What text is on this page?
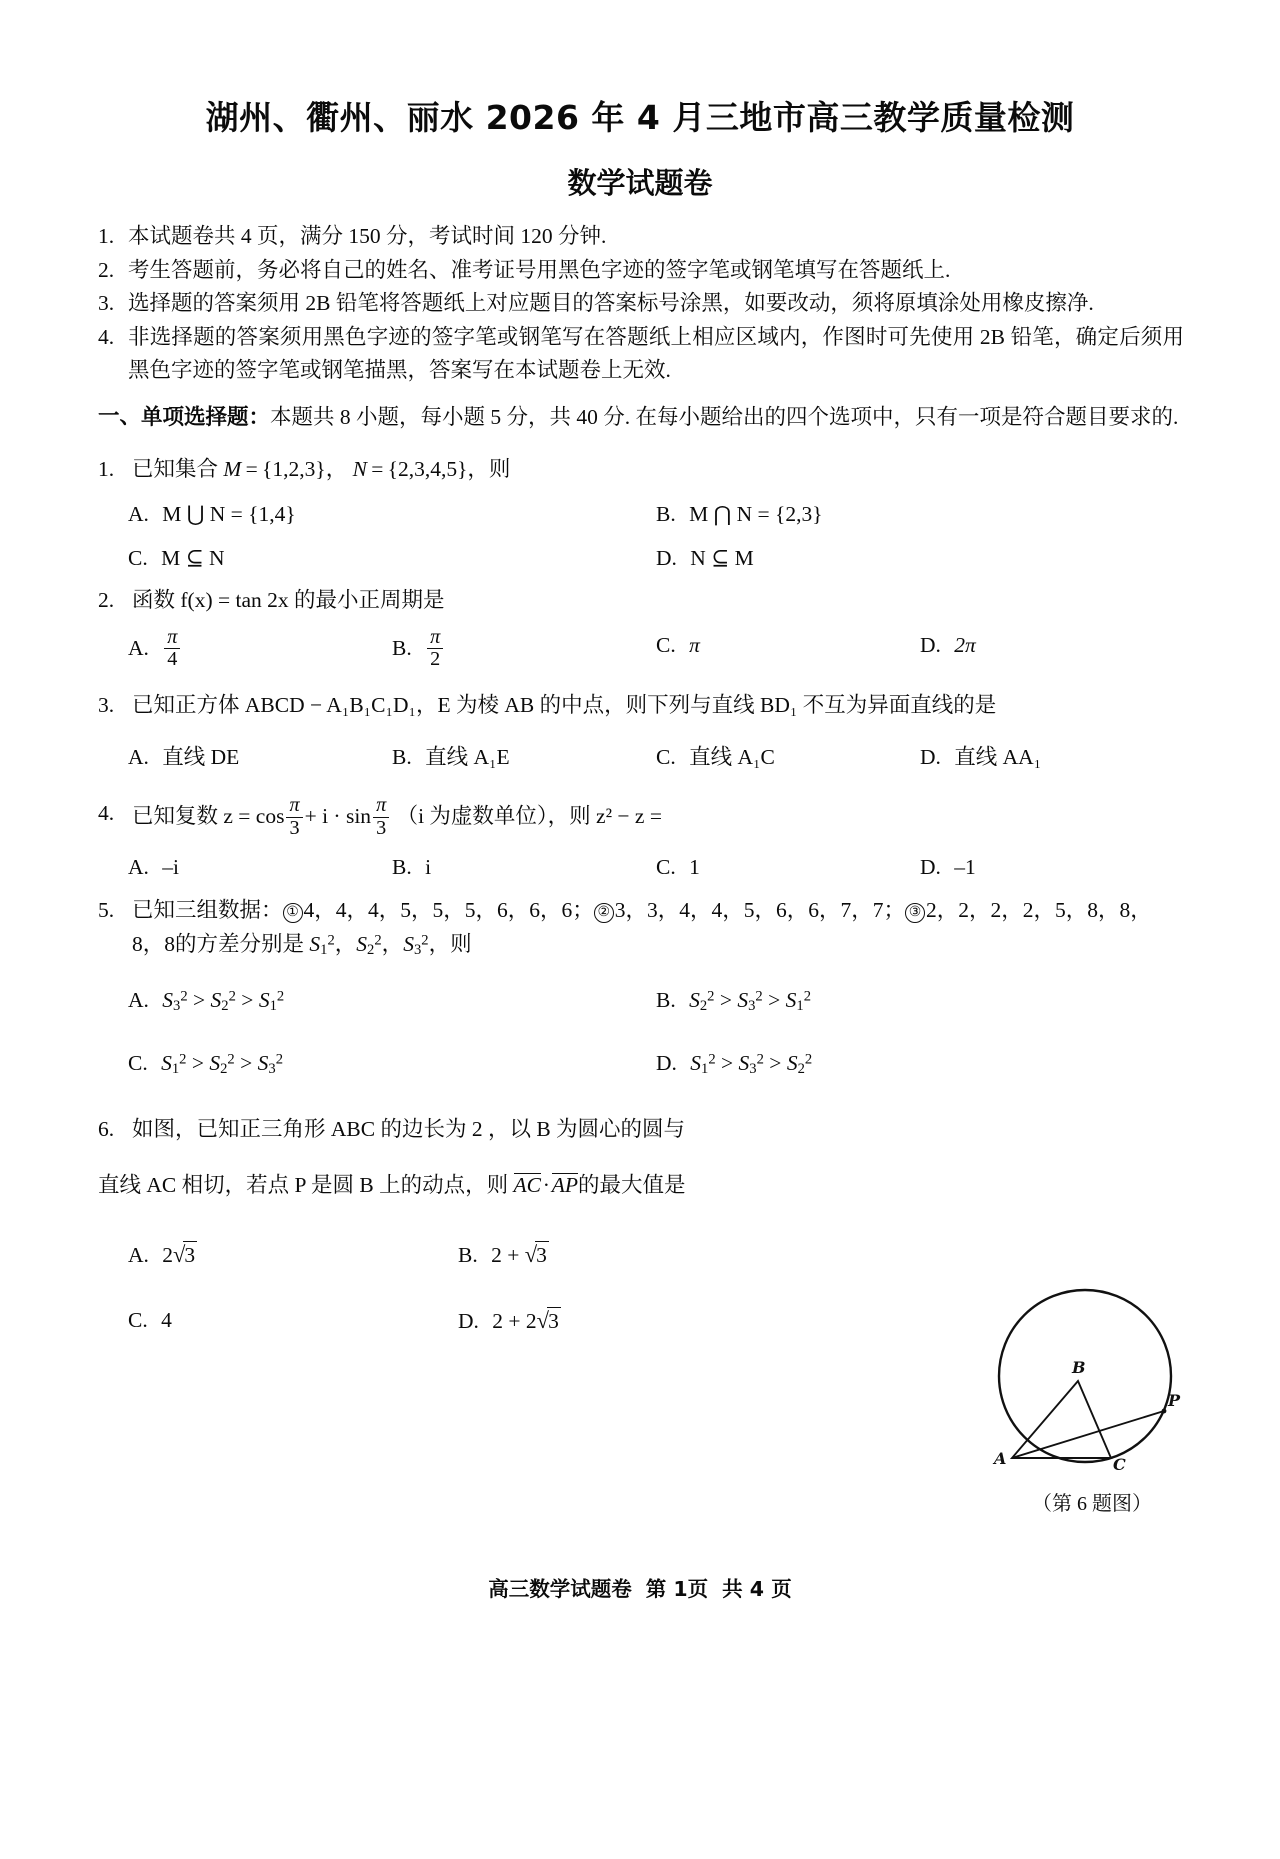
湖州、衢州、丽水 2026 年 4 月三地市高三教学质量检测
数学试题卷
1. 本试题卷共 4 页，满分 150 分，考试时间 120 分钟.
2. 考生答题前，务必将自己的姓名、准考证号用黑色字迹的签字笔或钢笔填写在答题纸上.
3. 选择题的答案须用 2B 铅笔将答题纸上对应题目的答案标号涂黑，如要改动，须将原填涂处用橡皮擦净.
4. 非选择题的答案须用黑色字迹的签字笔或钢笔写在答题纸上相应区域内，作图时可先使用 2B 铅笔，确定后须用黑色字迹的签字笔或钢笔描黑，答案写在本试题卷上无效.
一、 单项选择题：本题共 8 小题，每小题 5 分，共 40 分. 在每小题给出的四个选项中，只有一项是符合题目要求的.
1. 已知集合 M = {1,2,3}， N = {2,3,4,5}，则
A. M ⋃ N = {1,4}	B. M ⋂ N = {2,3}
C. M ⊆ N	D. N ⊆ M
2. 函数 f(x) = tan 2x 的最小正周期是
A. $\frac{\pi}{4}$	B. $\frac{\pi}{2}$	C. π	D. 2π
3. 已知正方体 ABCD − A₁B₁C₁D₁，E 为棱 AB 的中点，则下列与直线 BD₁ 不互为异面直线的是
A. 直线 DE	B. 直线 A₁E	C. 直线 A₁C	D. 直线 AA₁
4. 已知复数 $z = \cos \frac{\pi}{3} + i \cdot \sin \frac{\pi}{3} (i$ 为虚数单位），则 z² − z =
A. –i	B. i	C. 1	D. –1
5. 已知三组数据： ① 4，4，4，5，5，5，6，6，6； ② 3，3，4，4，5，6，6，7，7； ③ 2，2，2，2，5，8，8，8，8的方差分别是 $S_1^2$，$S_2^2$，$S_3^2$，则
A. $S_3^2 > S_2^2 > S_1^2$	B. $S_2^2 > S_3^2 > S_1^2$
C. $S_1^2 > S_2^2 > S_3^2$	D. $S_1^2 > S_3^2 > S_2^2$
6. 如图，已知正三角形 ABC 的边长为 2 ，以 B 为圆心的圆与
直线 AC 相切，若点 P 是圆 B 上的动点，则 AC · AP的最大值是
A. 2√3	B. 2 + √3
C. 4	D. 2 + 2√3
B
P
A	C
（第 6 题图）
高三数学试题卷 第 1页 共 4 页
